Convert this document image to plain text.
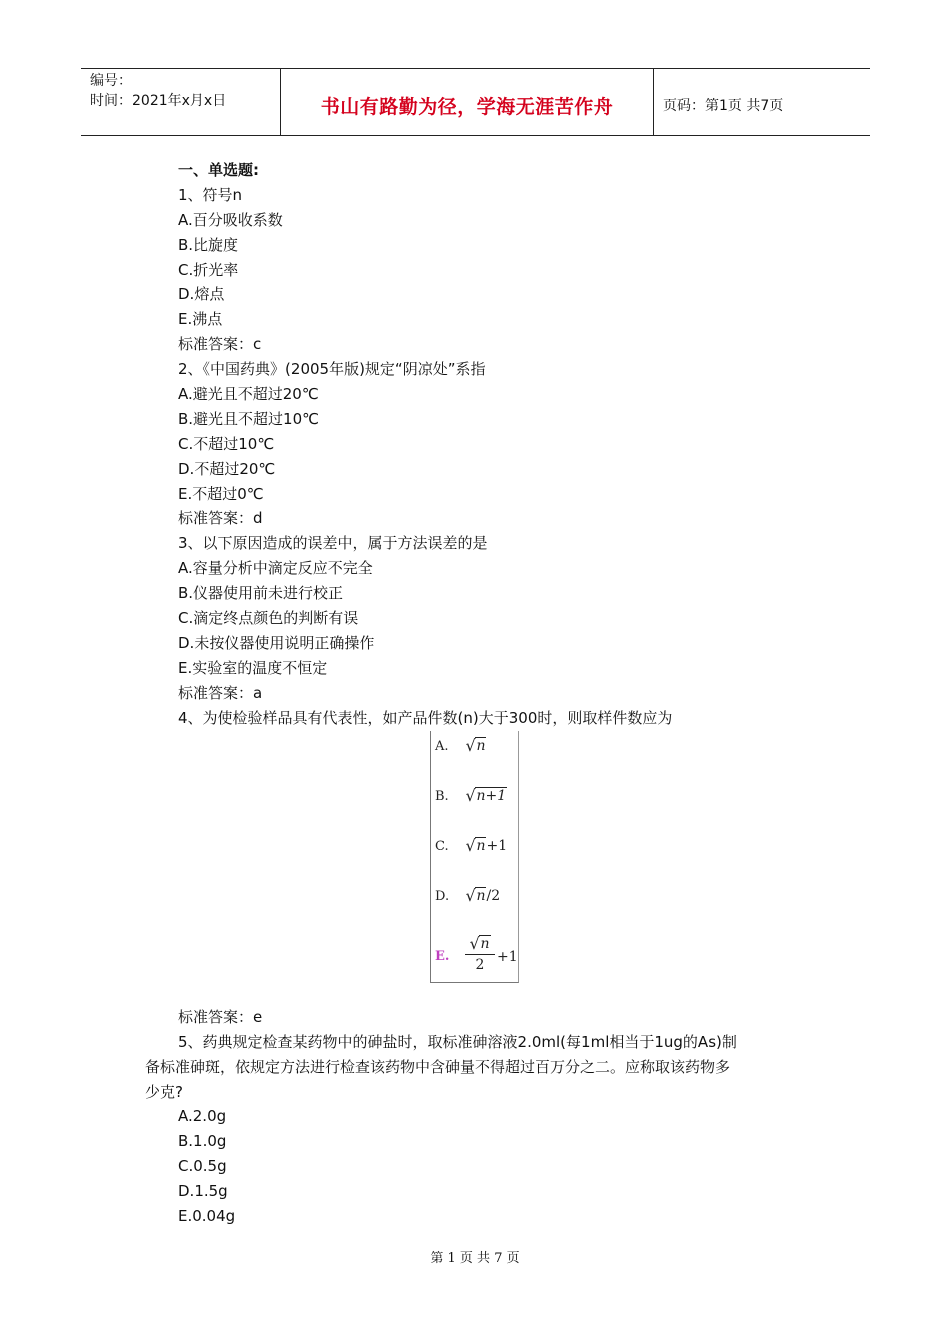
编号：
时间：2021年x月x日	书山有路勤为径，学海无涯苦作舟	页码：第1页 共7页
一、单选题:
1、符号n
A.百分吸收系数
B.比旋度
C.折光率
D.熔点
E.沸点
标准答案：c
2、《中国药典》(2005年版)规定“阴凉处”系指
A.避光且不超过20℃
B.避光且不超过10℃
C.不超过10℃
D.不超过20℃
E.不超过0℃
标准答案：d
3、以下原因造成的误差中，属于方法误差的是
A.容量分析中滴定反应不完全
B.仪器使用前未进行校正
C.滴定终点颜色的判断有误
D.未按仪器使用说明正确操作
E.实验室的温度不恒定
标准答案：a
4、为使检验样品具有代表性，如产品件数(n)大于300时，则取样件数应为
A. √ n
B. √ n+1
C. √ n+1
D. √ n/2
E. $\frac{√ n}{2} +1$
标准答案：e
5、药典规定检查某药物中的砷盐时，取标准砷溶液2.0ml(每1ml相当于1ug的As)制
备标准砷斑，依规定方法进行检查该药物中含砷量不得超过百万分之二。应称取该药物多
少克?
A.2.0g
B.1.0g
C.0.5g
D.1.5g
E.0.04g
第 1 页 共 7 页
